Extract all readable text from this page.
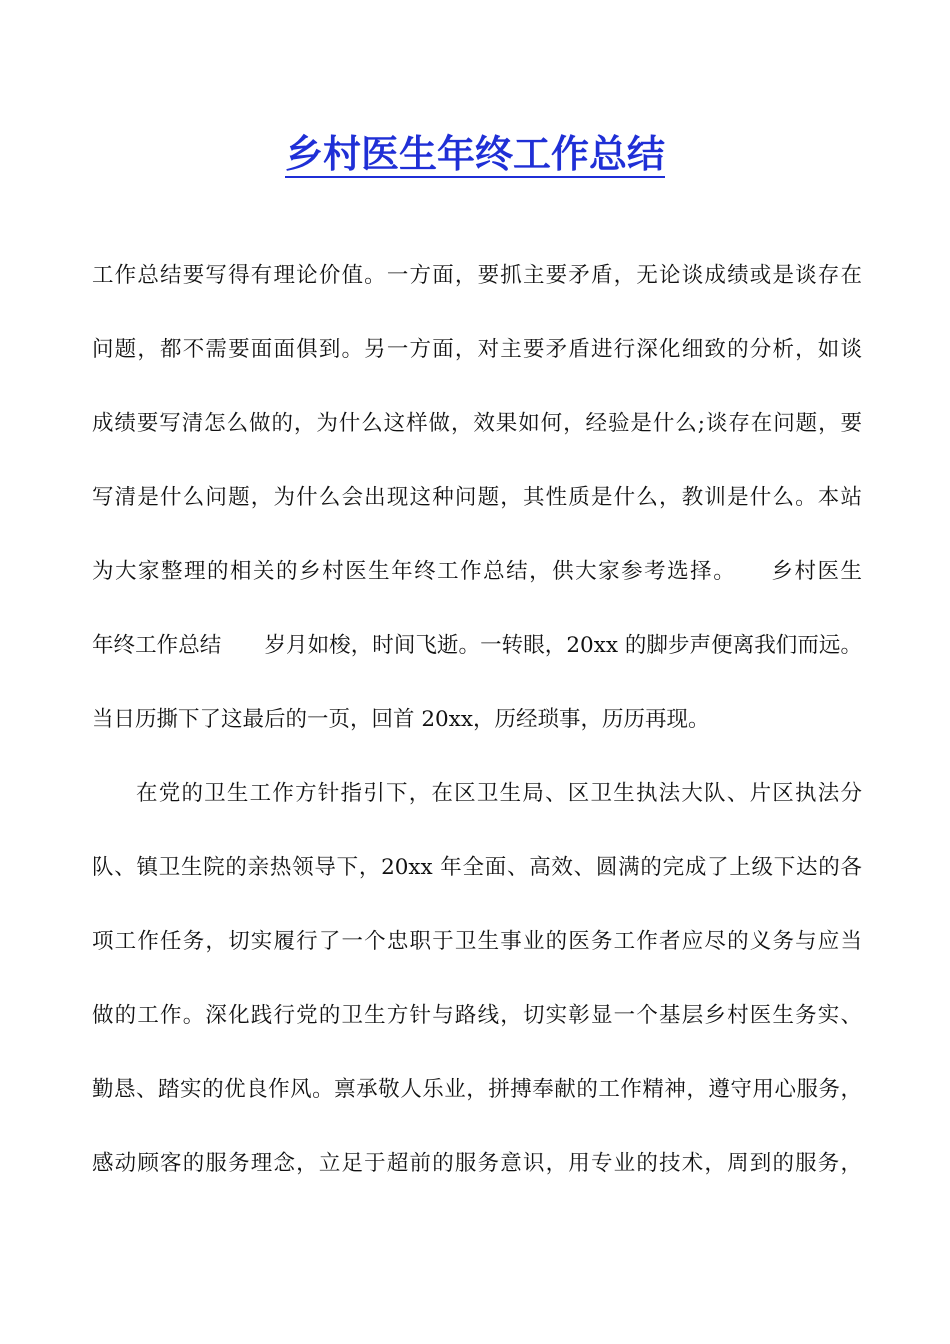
乡村医生年终工作总结
工作总结要写得有理论价值。一方面，要抓主要矛盾，无论谈成绩或是谈存在
问题，都不需要面面俱到。另一方面，对主要矛盾进行深化细致的分析，如谈
成绩要写清怎么做的，为什么这样做，效果如何，经验是什么;谈存在问题，要
写清是什么问题，为什么会出现这种问题，其性质是什么，教训是什么。本站
为大家整理的相关的乡村医生年终工作总结，供大家参考选择。　　乡村医生
年终工作总结　　岁月如梭，时间飞逝。一转眼，20xx 的脚步声便离我们而远。
当日历撕下了这最后的一页，回首 20xx，历经琐事，历历再现。
在党的卫生工作方针指引下，在区卫生局、区卫生执法大队、片区执法分
队、镇卫生院的亲热领导下，20xx 年全面、高效、圆满的完成了上级下达的各
项工作任务，切实履行了一个忠职于卫生事业的医务工作者应尽的义务与应当
做的工作。深化践行党的卫生方针与路线，切实彰显一个基层乡村医生务实、
勤恳、踏实的优良作风。禀承敬人乐业，拼搏奉献的工作精神，遵守用心服务，
感动顾客的服务理念，立足于超前的服务意识，用专业的技术，周到的服务，
